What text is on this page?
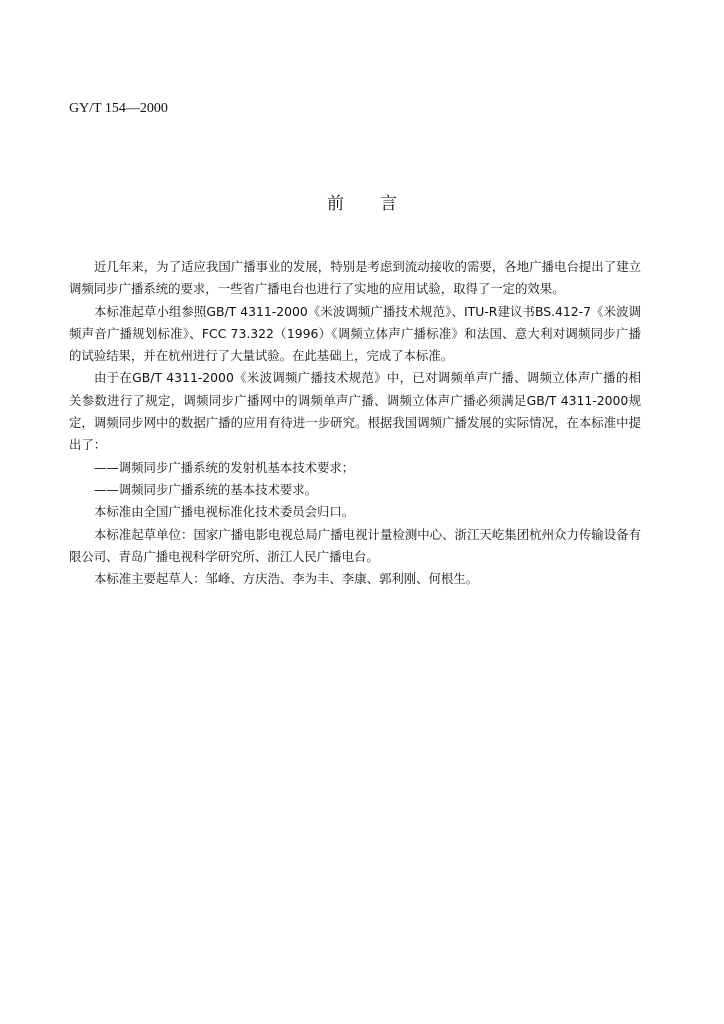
GY/T 154—2000
前 言

近几年来，为了适应我国广播事业的发展，特别是考虑到流动接收的需要，各地广播电台提出了建立调频同步广播系统的要求，一些省广播电台也进行了实地的应用试验，取得了一定的效果。

本标准起草小组参照GB/T 4311-2000《米波调频广播技术规范》、ITU-R建议书BS.412-7《米波调频声音广播规划标准》、FCC 73.322（1996）《调频立体声广播标准》和法国、意大利对调频同步广播的试验结果，并在杭州进行了大量试验。在此基础上，完成了本标准。

由于在GB/T 4311-2000《米波调频广播技术规范》中，已对调频单声广播、调频立体声广播的相关参数进行了规定，调频同步广播网中的调频单声广播、调频立体声广播必须满足GB/T 4311-2000规定，调频同步网中的数据广播的应用有待进一步研究。根据我国调频广播发展的实际情况，在本标准中提出了：

——调频同步广播系统的发射机基本技术要求；

——调频同步广播系统的基本技术要求。

本标准由全国广播电视标准化技术委员会归口。

本标准起草单位：国家广播电影电视总局广播电视计量检测中心、浙江天屹集团杭州众力传输设备有限公司、青岛广播电视科学研究所、浙江人民广播电台。

本标准主要起草人：邹峰、方庆浩、李为丰、李康、郭利刚、何根生。
